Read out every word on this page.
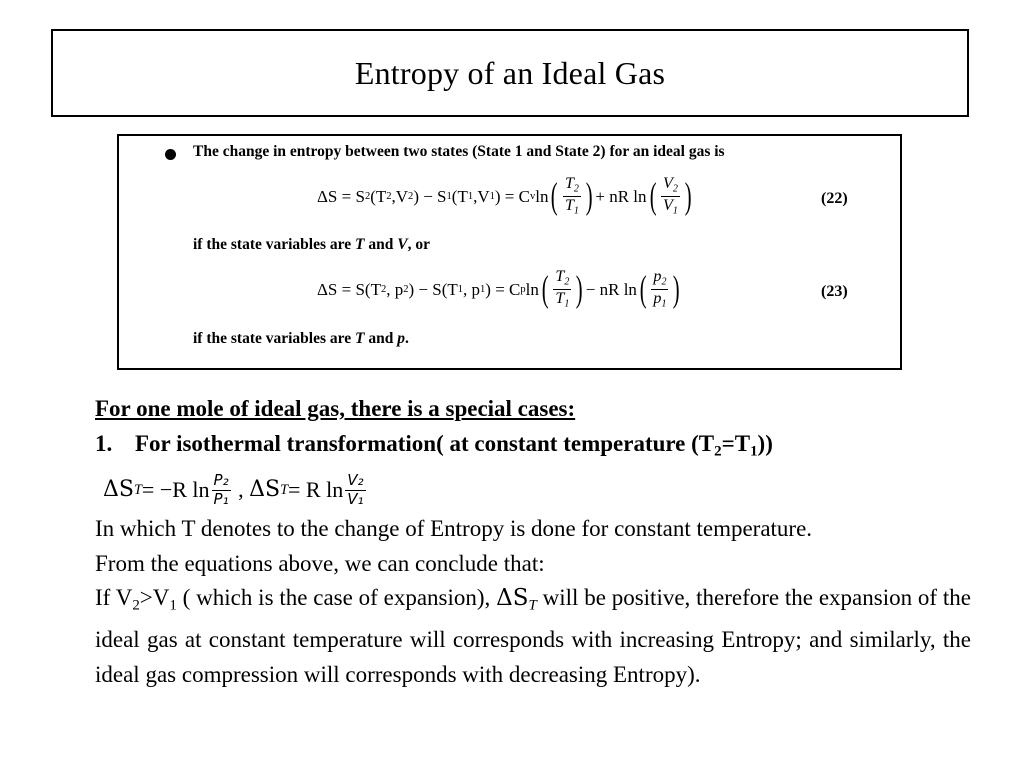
Entropy of an Ideal Gas
The change in entropy between two states (State 1 and State 2) for an ideal gas is
ΔS = S 2 (T 2 ,V 2 ) − S 1 (T 1 ,V 1 ) = C v ln ( $\frac{T_2}{T_1}$ ) + nR ln ( $\frac{V_2}{V_1}$ )	(22)
if the state variables are T and V, or
ΔS = S(T 2 , p 2 ) − S(T 1 , p 1 ) = C p ln ( $\frac{T_2}{T_1}$ ) − nR ln ( $\frac{p_2}{p_1}$ )	(23)
if the state variables are T and p.

For one mole of ideal gas, there is a special cases:

1. For isothermal transformation( at constant temperature (T2=T1))

ΔS T = −R $\ln \frac{\text{P₂}}{\text{P₁}}$ , ΔS T = R $\ln \frac{\text{V₂}}{\text{V₁}}$

In which T denotes to the change of Entropy is done for constant temperature.

From the equations above, we can conclude that:

If V2>V1 ( which is the case of expansion), ΔST will be positive, therefore the expansion of the ideal gas at constant temperature will corresponds with increasing Entropy; and similarly, the ideal gas compression will corresponds with decreasing Entropy).
